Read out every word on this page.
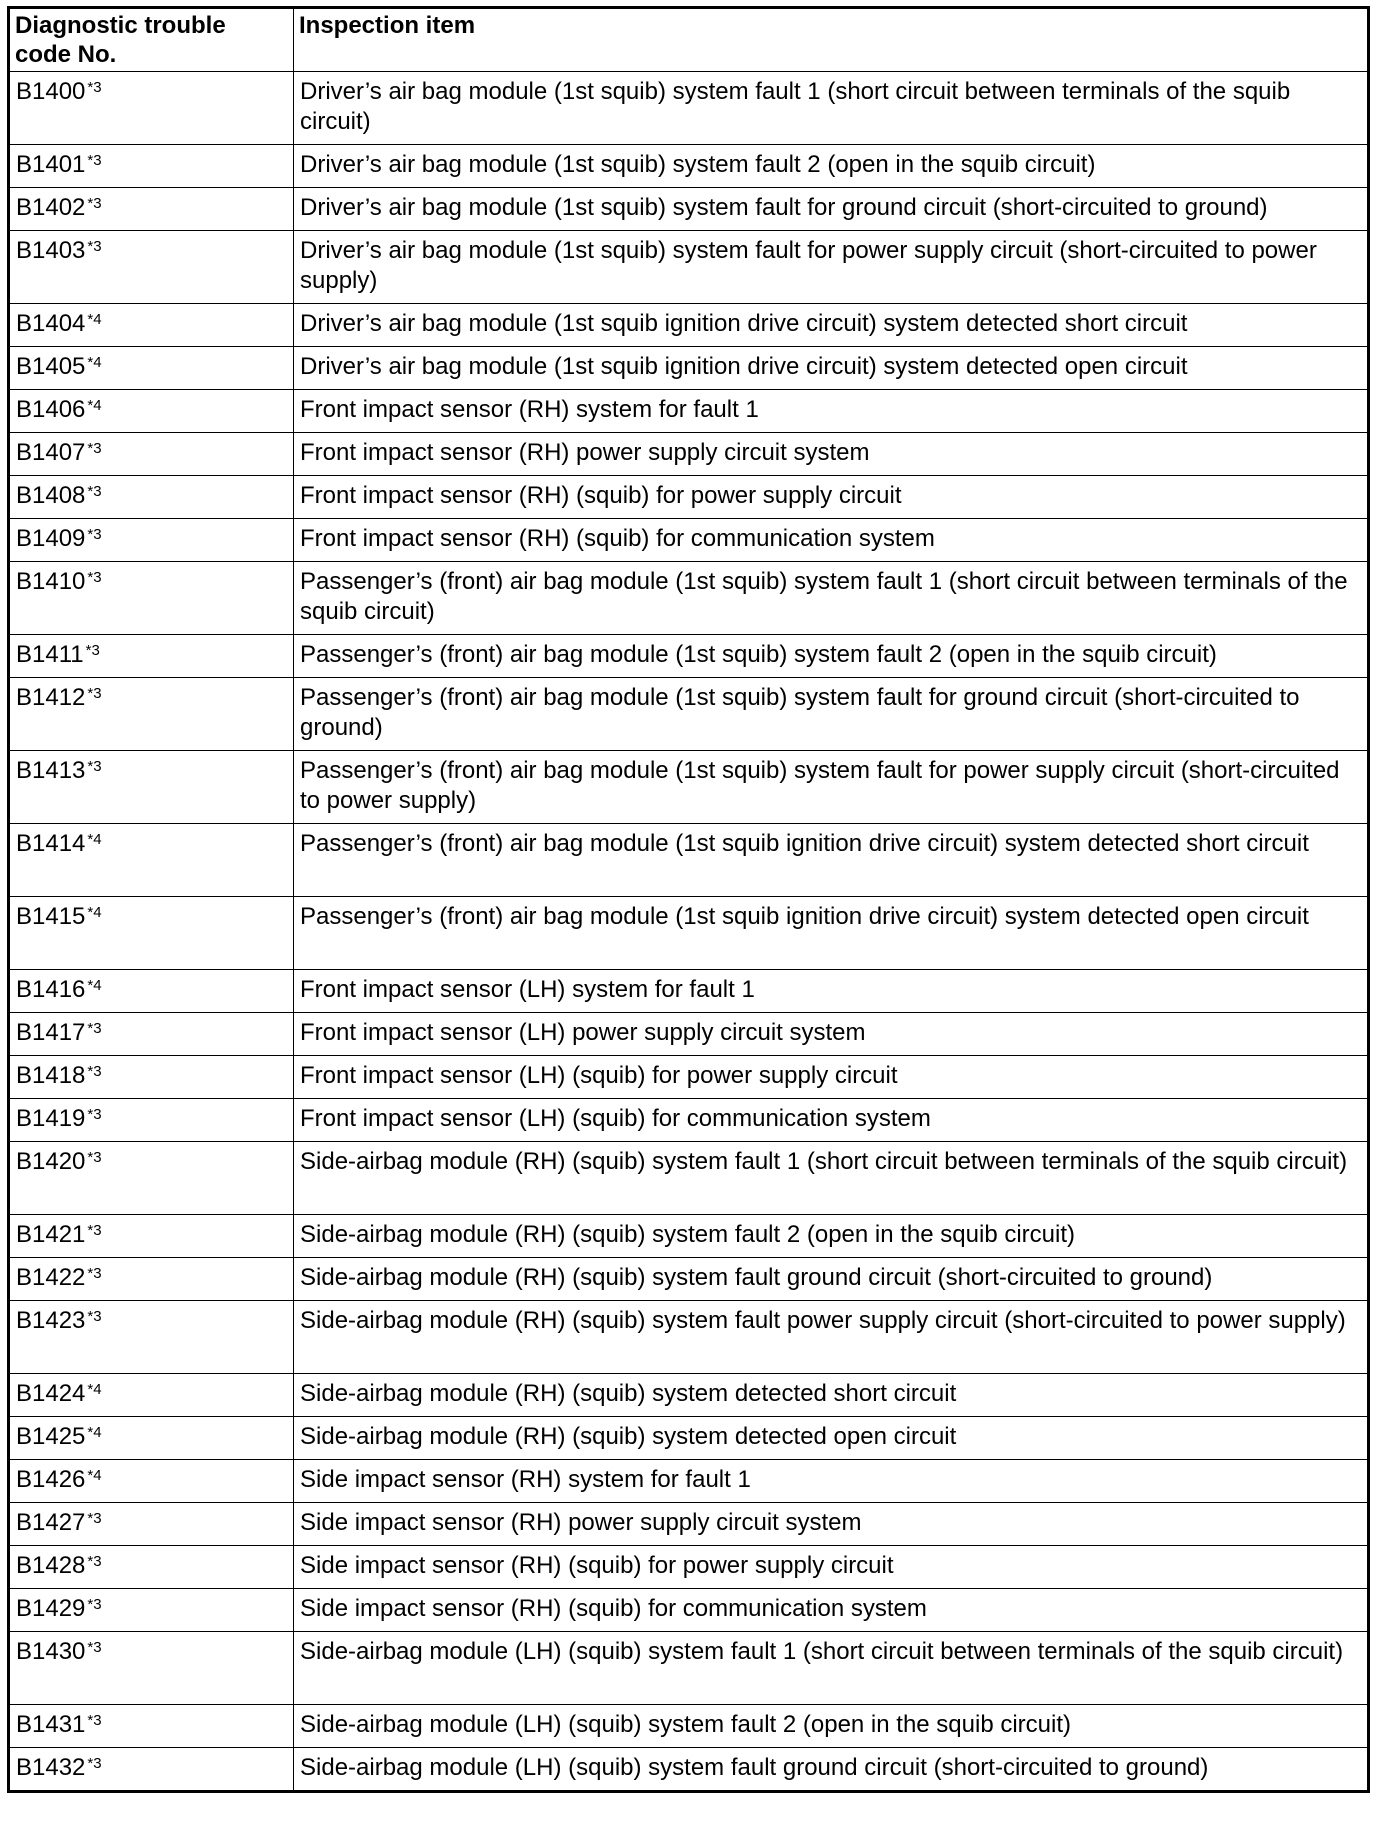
Diagnostic trouble code No.	Inspection item
B1400 $^{*3}$	Driver’s air bag module (1st squib) system fault 1 (short circuit between terminals of the squib circuit)
B1401 $^{*3}$	Driver’s air bag module (1st squib) system fault 2 (open in the squib circuit)
B1402 $^{*3}$	Driver’s air bag module (1st squib) system fault for ground circuit (short-circuited to ground)
B1403 $^{*3}$	Driver’s air bag module (1st squib) system fault for power supply circuit (short-circuited to power supply)
B1404 $^{*4}$	Driver’s air bag module (1st squib ignition drive circuit) system detected short circuit
B1405 $^{*4}$	Driver’s air bag module (1st squib ignition drive circuit) system detected open circuit
B1406 $^{*4}$	Front impact sensor (RH) system for fault 1
B1407 $^{*3}$	Front impact sensor (RH) power supply circuit system
B1408 $^{*3}$	Front impact sensor (RH) (squib) for power supply circuit
B1409 $^{*3}$	Front impact sensor (RH) (squib) for communication system
B1410 $^{*3}$	Passenger’s (front) air bag module (1st squib) system fault 1 (short circuit between terminals of the squib circuit)
B1411 $^{*3}$	Passenger’s (front) air bag module (1st squib) system fault 2 (open in the squib circuit)
B1412 $^{*3}$	Passenger’s (front) air bag module (1st squib) system fault for ground circuit (short-circuited to ground)
B1413 $^{*3}$	Passenger’s (front) air bag module (1st squib) system fault for power supply circuit (short-circuited to power supply)
B1414 $^{*4}$	Passenger’s (front) air bag module (1st squib ignition drive circuit) system detected short circuit
B1415 $^{*4}$	Passenger’s (front) air bag module (1st squib ignition drive circuit) system detected open circuit
B1416 $^{*4}$	Front impact sensor (LH) system for fault 1
B1417 $^{*3}$	Front impact sensor (LH) power supply circuit system
B1418 $^{*3}$	Front impact sensor (LH) (squib) for power supply circuit
B1419 $^{*3}$	Front impact sensor (LH) (squib) for communication system
B1420 $^{*3}$	Side-airbag module (RH) (squib) system fault 1 (short circuit between terminals of the squib circuit)
B1421 $^{*3}$	Side-airbag module (RH) (squib) system fault 2 (open in the squib circuit)
B1422 $^{*3}$	Side-airbag module (RH) (squib) system fault ground circuit (short-circuited to ground)
B1423 $^{*3}$	Side-airbag module (RH) (squib) system fault power supply circuit (short-circuited to power supply)
B1424 $^{*4}$	Side-airbag module (RH) (squib) system detected short circuit
B1425 $^{*4}$	Side-airbag module (RH) (squib) system detected open circuit
B1426 $^{*4}$	Side impact sensor (RH) system for fault 1
B1427 $^{*3}$	Side impact sensor (RH) power supply circuit system
B1428 $^{*3}$	Side impact sensor (RH) (squib) for power supply circuit
B1429 $^{*3}$	Side impact sensor (RH) (squib) for communication system
B1430 $^{*3}$	Side-airbag module (LH) (squib) system fault 1 (short circuit between terminals of the squib circuit)
B1431 $^{*3}$	Side-airbag module (LH) (squib) system fault 2 (open in the squib circuit)
B1432 $^{*3}$	Side-airbag module (LH) (squib) system fault ground circuit (short-circuited to ground)
